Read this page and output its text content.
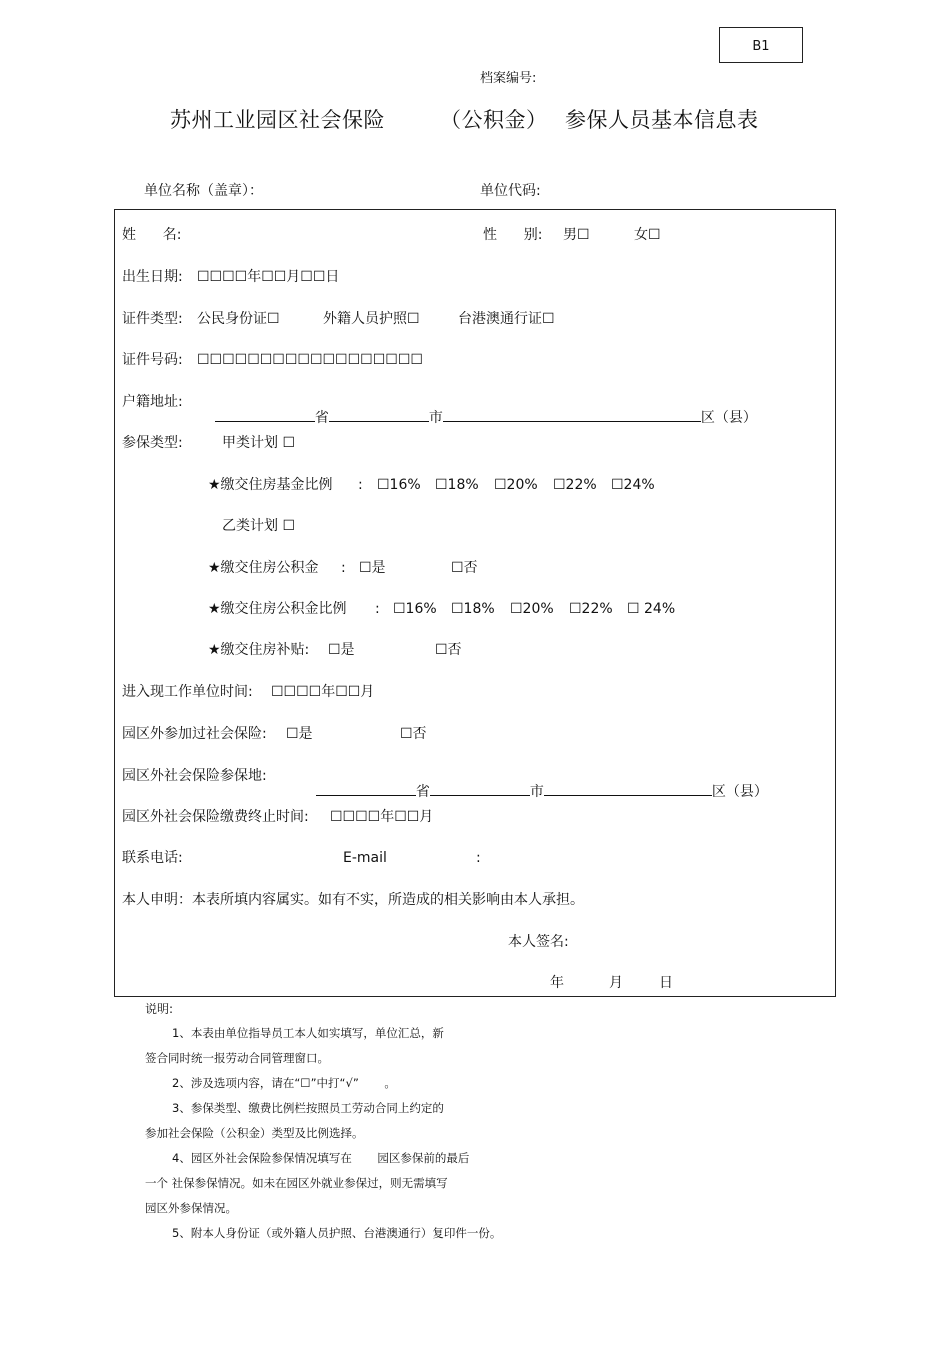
B1
档案编号:
苏州工业园区社会保险	（公积金） 参保人员基本信息表
单位名称（盖章）：	单位代码:
姓      名:	性      别: 男☐	女☐
出生日期: ☐☐☐☐年☐☐月☐☐日
证件类型: 公民身份证☐	外籍人员护照☐	台港澳通行证☐
证件号码: ☐☐☐☐☐☐☐☐☐☐☐☐☐☐☐☐☐☐
户籍地址:

省	市	区（县）

参保类型:	甲类计划 ☐
★缴交住房基金比例 : ☐16% ☐18% ☐20% ☐22% ☐24%
乙类计划 ☐
★缴交住房公积金 : ☐是	☐否
★缴交住房公积金比例 : ☐16% ☐18% ☐20% ☐22% ☐ 24%
★缴交住房补贴: ☐是	☐否
进入现工作单位时间: ☐☐☐☐年☐☐月
园区外参加过社会保险: ☐是	☐否
园区外社会保险参保地:

省	市	区（县）

园区外社会保险缴费终止时间: ☐☐☐☐年☐☐月
联系电话:	E-mail	:
本人申明：本表所填内容属实。如有不实，所造成的相关影响由本人承担。
本人签名:
年	月	日
说明:
1、本表由单位指导员工本人如实填写，单位汇总，新
签合同时统一报劳动合同管理窗口。
2、涉及选项内容，请在“☐”中打“√”       。
3、参保类型、缴费比例栏按照员工劳动合同上约定的
参加社会保险（公积金）类型及比例选择。
4、园区外社会保险参保情况填写在       园区参保前的最后
一个 社保参保情况。如未在园区外就业参保过，则无需填写
园区外参保情况。
5、附本人身份证（或外籍人员护照、台港澳通行）复印件一份。
